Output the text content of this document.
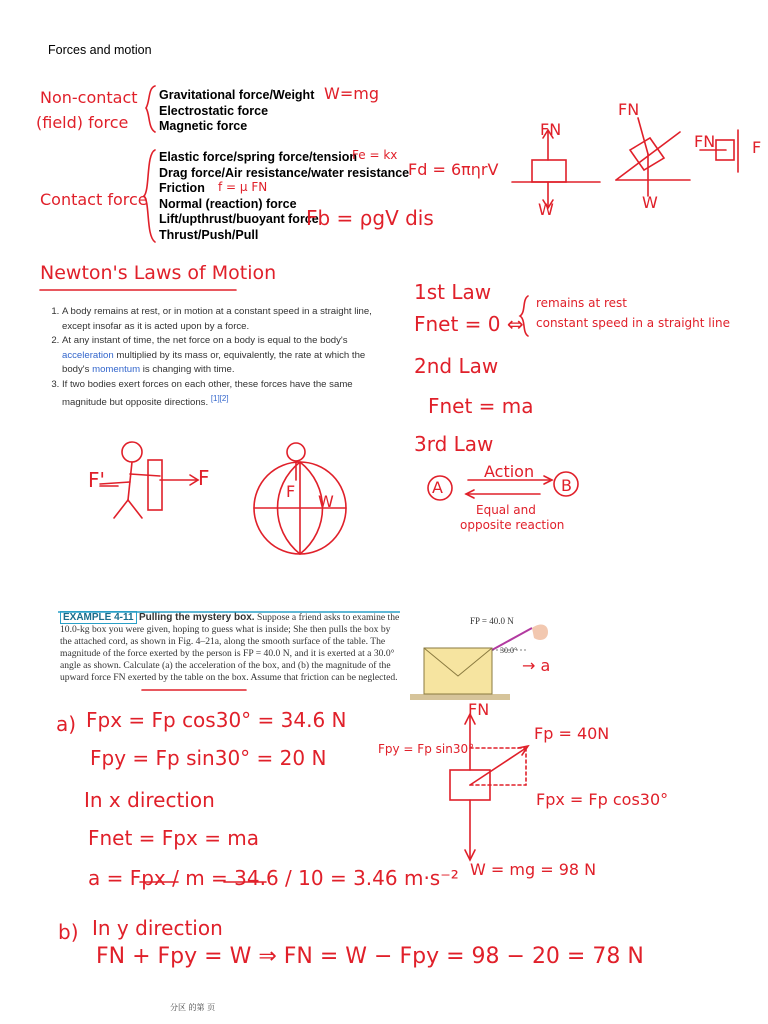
Forces and motion
Non-contact
(field) force
Contact force
Gravitational force/Weight
Electrostatic force
Magnetic force
Elastic force/spring force/tension
Drag force/Air resistance/water resistance
Friction
Normal (reaction) force
Lift/upthrust/buoyant force
Thrust/Push/Pull
W=mg
Fe = kx
Fd = 6πηrV
f = μ FN
Fb = ρgV dis
FN
W
FN
W
FN F
Newton's Laws of Motion
1. A body remains at rest, or in motion at a constant speed in a straight line, except insofar as it is acted upon by a force.
2. At any instant of time, the net force on a body is equal to the body's acceleration multiplied by its mass or, equivalently, the rate at which the body's momentum is changing with time.
3. If two bodies exert forces on each other, these forces have the same magnitude but opposite directions. [1][2]
1st Law
Fnet = 0 ⇔
remains at rest
constant speed in a straight line
2nd Law
Fnet = ma
3rd Law
Action
A	B
Equal and
opposite reaction
F'	F
W
F
EXAMPLE 4-11 Pulling the mystery box. Suppose a friend asks to examine the 10.0-kg box you were given, hoping to guess what is inside; She then pulls the box by the attached cord, as shown in Fig. 4–21a, along the smooth surface of the table. The magnitude of the force exerted by the person is FP = 40.0 N, and it is exerted at a 30.0° angle as shown. Calculate (a) the acceleration of the box, and (b) the magnitude of the upward force FN exerted by the table on the box. Assume that friction can be neglected.
FP = 40.0 N
30.0°
→ a
a) Fpx = Fp cos30° = 34.6 N
Fpy = Fp sin30° = 20 N
In x direction
Fnet = Fpx = ma
a = Fpx / m = 34.6 / 10 = 3.46 m·s⁻²
b) In y direction
FN + Fpy = W ⇒ FN = W − Fpy = 98 − 20 = 78 N
FN
Fp = 40N
Fpy = Fp sin30°
Fpx = Fp cos30°
W = mg = 98 N
分区 的第 页
